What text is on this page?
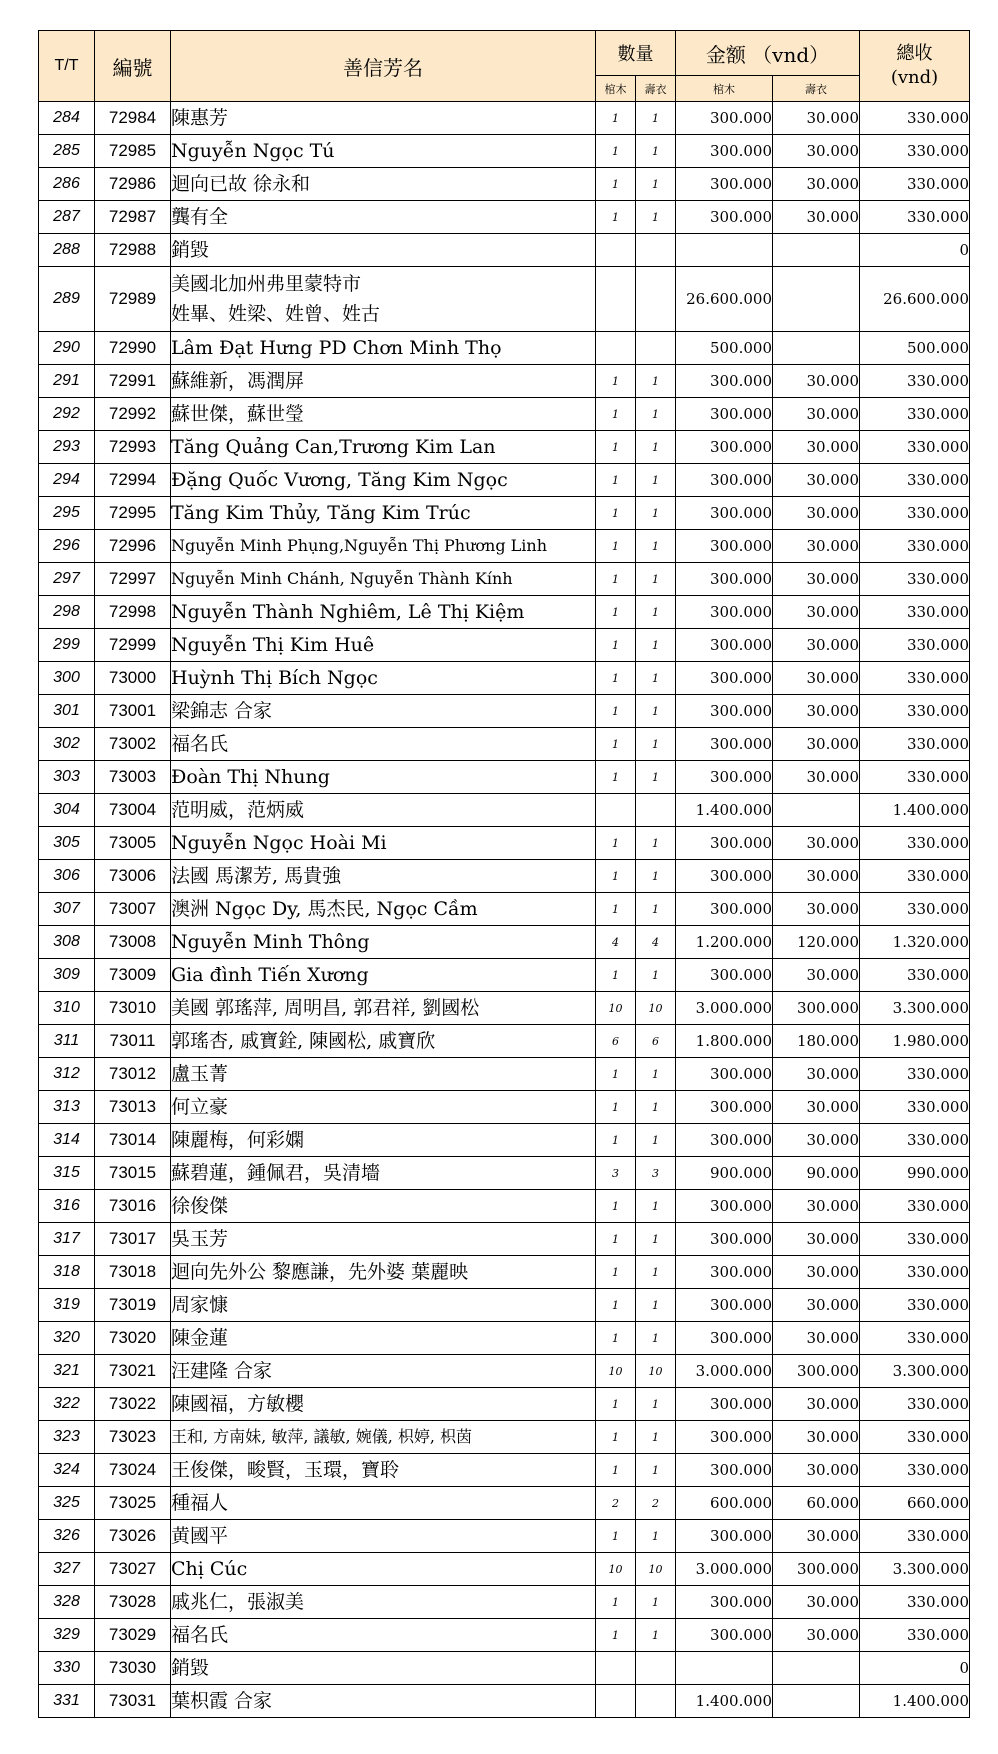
T/T	編號	善信芳名	數量		金额 （vnd）		總收
(vnd)
			棺木	壽衣	棺木	壽衣	
284	72984	陳惠芳	1	1	300.000	30.000	330.000
285	72985	Nguyễn Ngọc Tú	1	1	300.000	30.000	330.000
286	72986	迴向已故 徐永和	1	1	300.000	30.000	330.000
287	72987	龔有全	1	1	300.000	30.000	330.000
288	72988	銷毀					0
289	72989	美國北加州弗里蒙特市
姓畢、姓梁、姓曾、姓古			26.600.000		26.600.000
290	72990	Lâm Đạt Hưng PD Chơn Minh Thọ			500.000		500.000
291	72991	蘇維新，馮潤屏	1	1	300.000	30.000	330.000
292	72992	蘇世傑，蘇世瑩	1	1	300.000	30.000	330.000
293	72993	Tăng Quảng Can,Trương Kim Lan	1	1	300.000	30.000	330.000
294	72994	Đặng Quốc Vương, Tăng Kim Ngọc	1	1	300.000	30.000	330.000
295	72995	Tăng Kim Thủy, Tăng Kim Trúc	1	1	300.000	30.000	330.000
296	72996	Nguyễn Minh Phụng,Nguyễn Thị Phương Linh	1	1	300.000	30.000	330.000
297	72997	Nguyễn Minh Chánh, Nguyễn Thành Kính	1	1	300.000	30.000	330.000
298	72998	Nguyễn Thành Nghiêm, Lê Thị Kiệm	1	1	300.000	30.000	330.000
299	72999	Nguyễn Thị Kim Huê	1	1	300.000	30.000	330.000
300	73000	Huỳnh Thị Bích Ngọc	1	1	300.000	30.000	330.000
301	73001	梁錦志 合家	1	1	300.000	30.000	330.000
302	73002	福名氏	1	1	300.000	30.000	330.000
303	73003	Đoàn Thị Nhung	1	1	300.000	30.000	330.000
304	73004	范明威，范炳威			1.400.000		1.400.000
305	73005	Nguyễn Ngọc Hoài Mi	1	1	300.000	30.000	330.000
306	73006	法國 馬潔芳, 馬貴強	1	1	300.000	30.000	330.000
307	73007	澳洲 Ngọc Dy, 馬杰民, Ngọc Cầm	1	1	300.000	30.000	330.000
308	73008	Nguyễn Minh Thông	4	4	1.200.000	120.000	1.320.000
309	73009	Gia đình Tiến Xương	1	1	300.000	30.000	330.000
310	73010	美國 郭瑤萍, 周明昌, 郭君祥, 劉國松	10	10	3.000.000	300.000	3.300.000
311	73011	郭瑤杏, 戚寶銓, 陳國松, 戚寶欣	6	6	1.800.000	180.000	1.980.000
312	73012	盧玉菁	1	1	300.000	30.000	330.000
313	73013	何立豪	1	1	300.000	30.000	330.000
314	73014	陳麗梅，何彩嫻	1	1	300.000	30.000	330.000
315	73015	蘇碧蓮，鍾佩君，吳清墻	3	3	900.000	90.000	990.000
316	73016	徐俊傑	1	1	300.000	30.000	330.000
317	73017	吳玉芳	1	1	300.000	30.000	330.000
318	73018	迴向先外公 黎應謙，先外婆 葉麗映	1	1	300.000	30.000	330.000
319	73019	周家慷	1	1	300.000	30.000	330.000
320	73020	陳金蓮	1	1	300.000	30.000	330.000
321	73021	汪建隆 合家	10	10	3.000.000	300.000	3.300.000
322	73022	陳國福，方敏櫻	1	1	300.000	30.000	330.000
323	73023	王和, 方南妹, 敏萍, 議敏, 婉儀, 枳婷, 枳茵	1	1	300.000	30.000	330.000
324	73024	王俊傑，畯賢，玉環，寶聆	1	1	300.000	30.000	330.000
325	73025	種福人	2	2	600.000	60.000	660.000
326	73026	黄國平	1	1	300.000	30.000	330.000
327	73027	Chị Cúc	10	10	3.000.000	300.000	3.300.000
328	73028	戚兆仁，張淑美	1	1	300.000	30.000	330.000
329	73029	福名氏	1	1	300.000	30.000	330.000
330	73030	銷毀					0
331	73031	葉枳霞 合家			1.400.000		1.400.000
